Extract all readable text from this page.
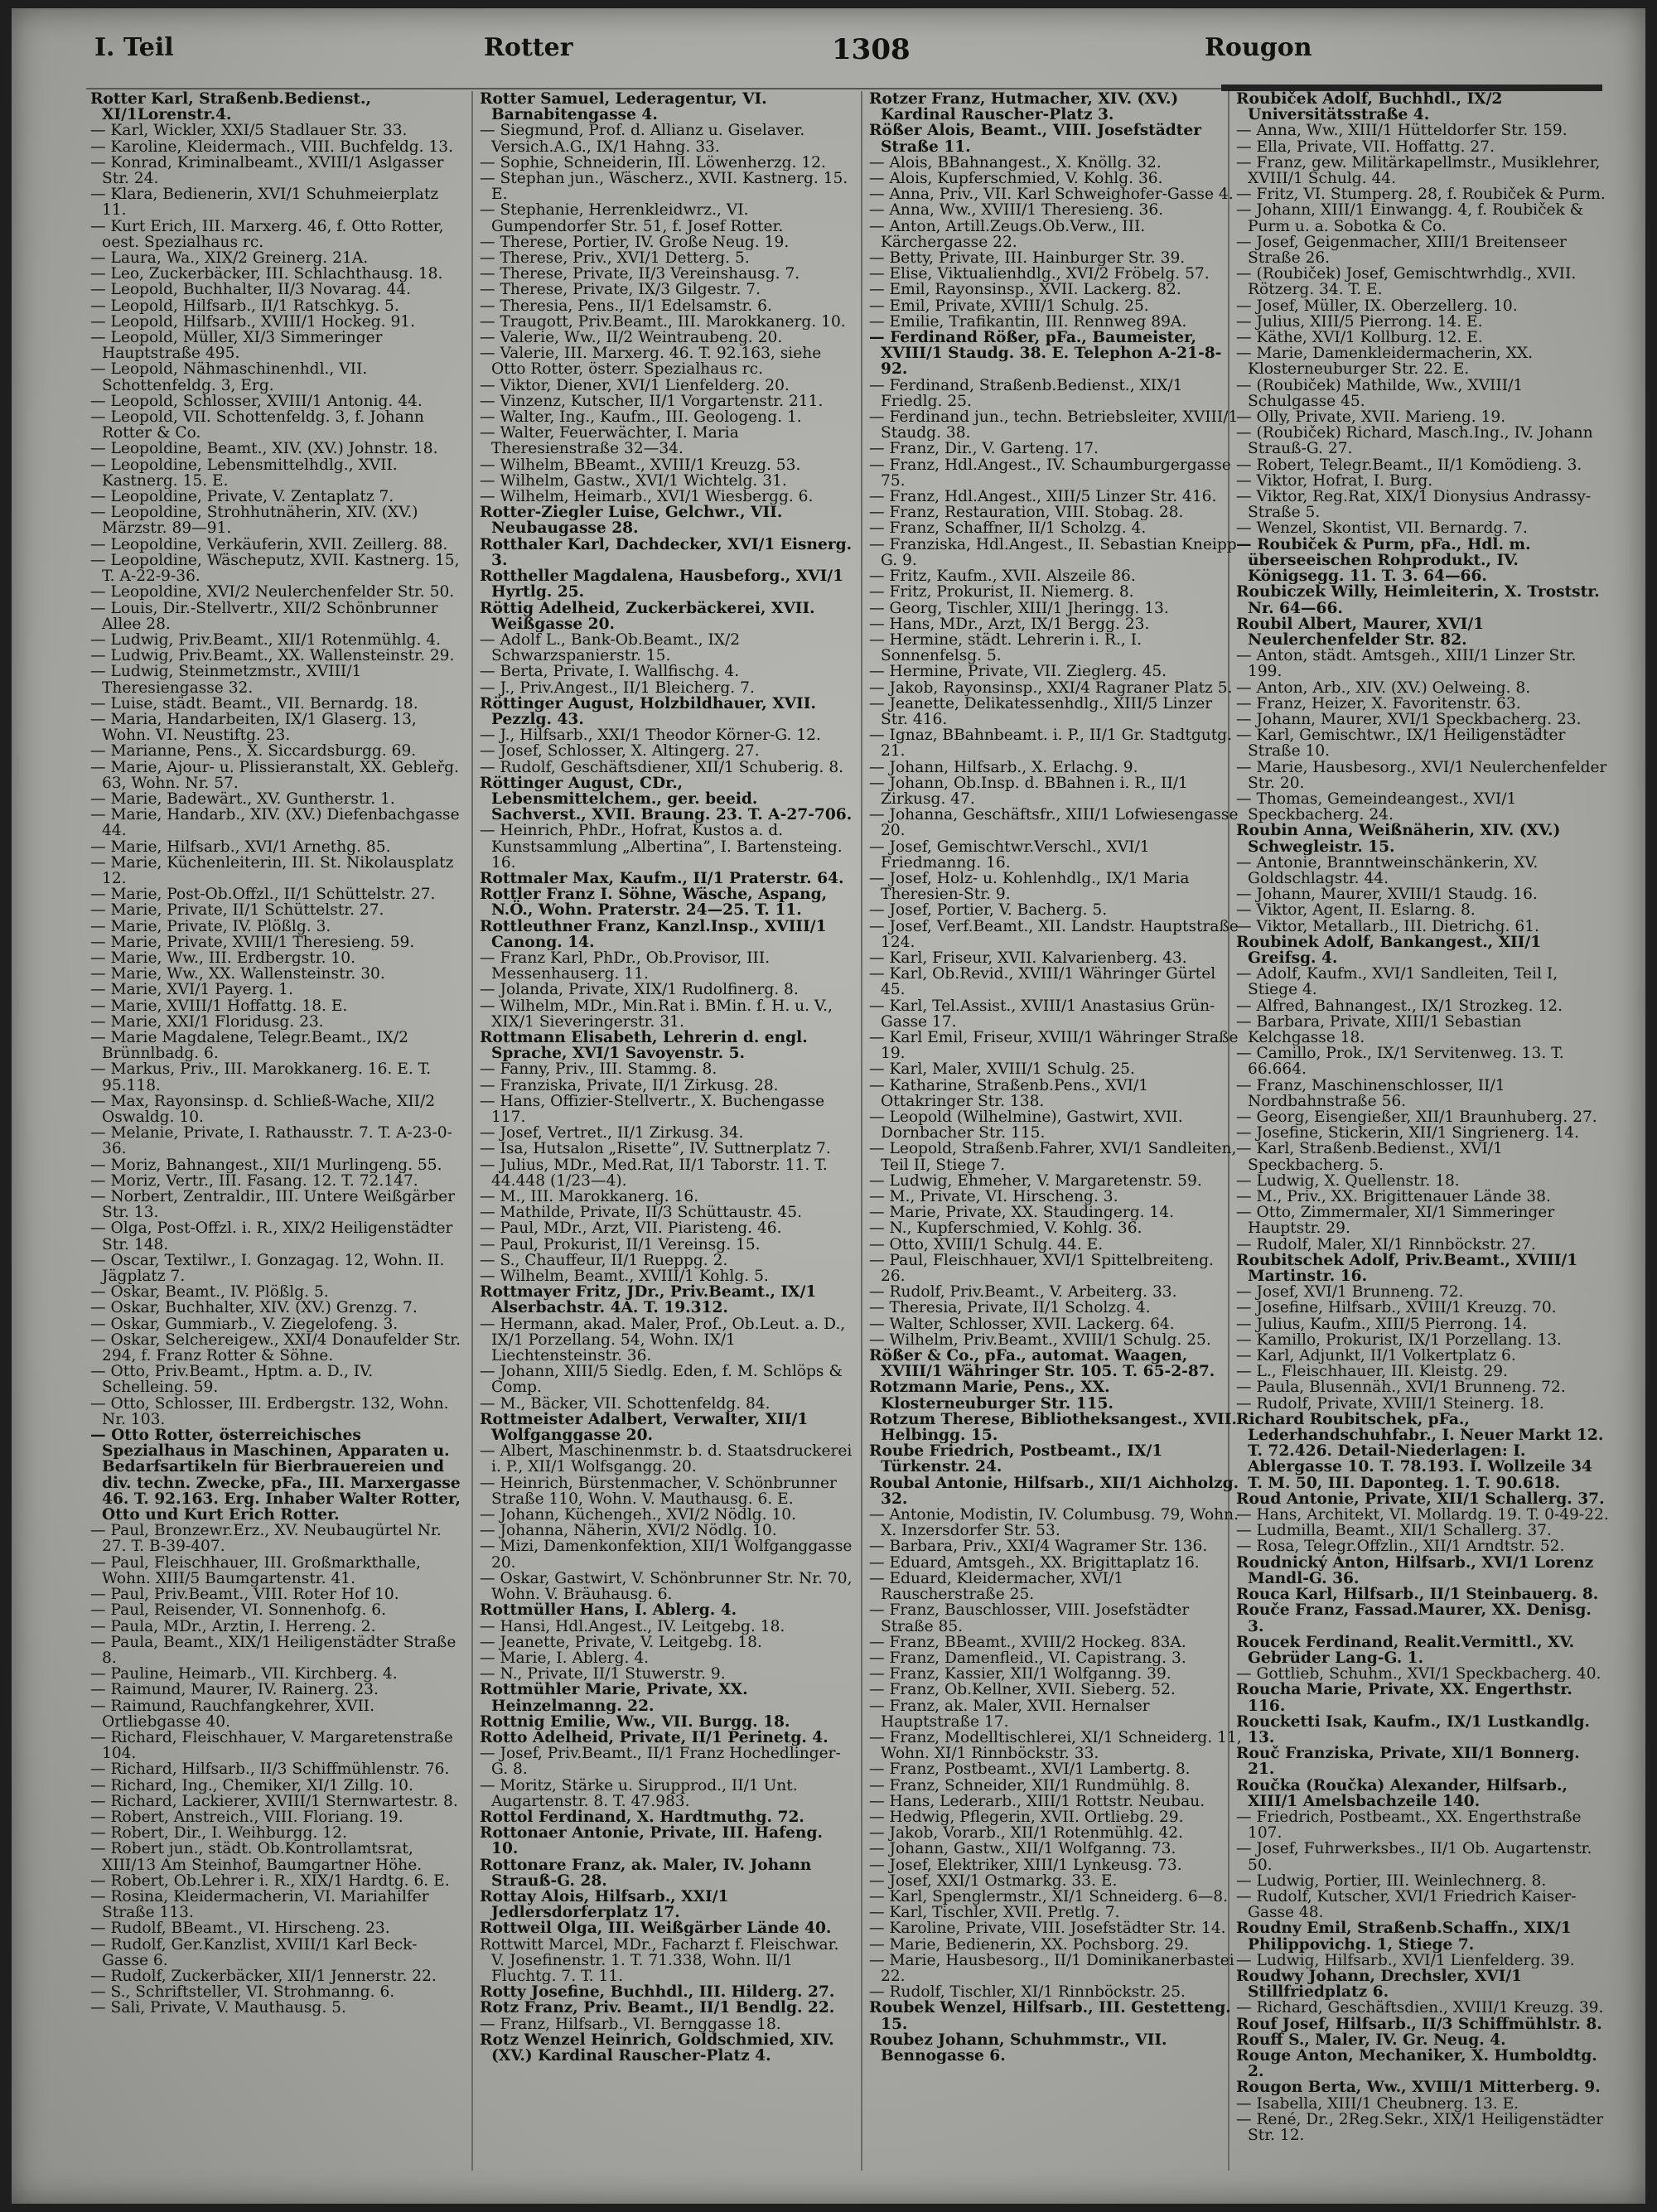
I. Teil	Rotter	1308	Rougon
Rotter Karl, Straßenb.Bedienst., XI/1Lorenstr.4.
— Karl, Wickler, XXI/5 Stadlauer Str. 33.
— Karoline, Kleidermach., VIII. Buchfeldg. 13.
— Konrad, Kriminalbeamt., XVIII/1 Aslgasser Str. 24.
— Klara, Bedienerin, XVI/1 Schuhmeierplatz 11.
— Kurt Erich, III. Marxerg. 46, f. Otto Rotter, oest. Spezialhaus rc.
— Laura, Wa., XIX/2 Greinerg. 21A.
— Leo, Zuckerbäcker, III. Schlachthausg. 18.
— Leopold, Buchhalter, II/3 Novarag. 44.
— Leopold, Hilfsarb., II/1 Ratschkyg. 5.
— Leopold, Hilfsarb., XVIII/1 Hockeg. 91.
— Leopold, Müller, XI/3 Simmeringer Hauptstraße 495.
— Leopold, Nähmaschinenhdl., VII. Schottenfeldg. 3, Erg.
— Leopold, Schlosser, XVIII/1 Antonig. 44.
— Leopold, VII. Schottenfeldg. 3, f. Johann Rotter & Co.
— Leopoldine, Beamt., XIV. (XV.) Johnstr. 18.
— Leopoldine, Lebensmittelhdlg., XVII. Kastnerg. 15. E.
— Leopoldine, Private, V. Zentaplatz 7.
— Leopoldine, Strohhutnäherin, XIV. (XV.) Märzstr. 89—91.
— Leopoldine, Verkäuferin, XVII. Zeillerg. 88.
— Leopoldine, Wäscheputz, XVII. Kastnerg. 15, T. A-22-9-36.
— Leopoldine, XVI/2 Neulerchenfelder Str. 50.
— Louis, Dir.-Stellvertr., XII/2 Schönbrunner Allee 28.
— Ludwig, Priv.Beamt., XII/1 Rotenmühlg. 4.
— Ludwig, Priv.Beamt., XX. Wallensteinstr. 29.
— Ludwig, Steinmetzmstr., XVIII/1 Theresiengasse 32.
— Luise, städt. Beamt., VII. Bernardg. 18.
— Maria, Handarbeiten, IX/1 Glaserg. 13, Wohn. VI. Neustiftg. 23.
— Marianne, Pens., X. Siccardsburgg. 69.
— Marie, Ajour- u. Plissieranstalt, XX. Gebleřg. 63, Wohn. Nr. 57.
— Marie, Badewärt., XV. Guntherstr. 1.
— Marie, Handarb., XIV. (XV.) Diefenbachgasse 44.
— Marie, Hilfsarb., XVI/1 Arnethg. 85.
— Marie, Küchenleiterin, III. St. Nikolausplatz 12.
— Marie, Post-Ob.Offzl., II/1 Schüttelstr. 27.
— Marie, Private, II/1 Schüttelstr. 27.
— Marie, Private, IV. Plößlg. 3.
— Marie, Private, XVIII/1 Theresieng. 59.
— Marie, Ww., III. Erdbergstr. 10.
— Marie, Ww., XX. Wallensteinstr. 30.
— Marie, XVI/1 Payerg. 1.
— Marie, XVIII/1 Hoffattg. 18. E.
— Marie, XXI/1 Floridusg. 23.
— Marie Magdalene, Telegr.Beamt., IX/2 Brünnlbadg. 6.
— Markus, Priv., III. Marokkanerg. 16. E. T. 95.118.
— Max, Rayonsinsp. d. Schließ-Wache, XII/2 Oswaldg. 10.
— Melanie, Private, I. Rathausstr. 7. T. A-23-0-36.
— Moriz, Bahnangest., XII/1 Murlingeng. 55.
— Moriz, Vertr., III. Fasang. 12. T. 72.147.
— Norbert, Zentraldir., III. Untere Weißgärber Str. 13.
— Olga, Post-Offzl. i. R., XIX/2 Heiligenstädter Str. 148.
— Oscar, Textilwr., I. Gonzagag. 12, Wohn. II. Jägplatz 7.
— Oskar, Beamt., IV. Plößlg. 5.
— Oskar, Buchhalter, XIV. (XV.) Grenzg. 7.
— Oskar, Gummiarb., V. Ziegelofeng. 3.
— Oskar, Selchereigew., XXI/4 Donaufelder Str. 294, f. Franz Rotter & Söhne.
— Otto, Priv.Beamt., Hptm. a. D., IV. Schelleing. 59.
— Otto, Schlosser, III. Erdbergstr. 132, Wohn. Nr. 103.
— Otto Rotter, österreichisches Spezialhaus in Maschinen, Apparaten u. Bedarfsartikeln für Bierbrauereien und div. techn. Zwecke, pFa., III. Marxergasse 46. T. 92.163. Erg. Inhaber Walter Rotter, Otto und Kurt Erich Rotter.
— Paul, Bronzewr.Erz., XV. Neubaugürtel Nr. 27. T. B-39-407.
— Paul, Fleischhauer, III. Großmarkthalle, Wohn. XIII/5 Baumgartenstr. 41.
— Paul, Priv.Beamt., VIII. Roter Hof 10.
— Paul, Reisender, VI. Sonnenhofg. 6.
— Paula, MDr., Ärztin, I. Herreng. 2.
— Paula, Beamt., XIX/1 Heiligenstädter Straße 8.
— Pauline, Heimarb., VII. Kirchberg. 4.
— Raimund, Maurer, IV. Rainerg. 23.
— Raimund, Rauchfangkehrer, XVII. Ortliebgasse 40.
— Richard, Fleischhauer, V. Margaretenstraße 104.
— Richard, Hilfsarb., II/3 Schiffmühlenstr. 76.
— Richard, Ing., Chemiker, XI/1 Zillg. 10.
— Richard, Lackierer, XVIII/1 Sternwartestr. 8.
— Robert, Anstreich., VIII. Floriang. 19.
— Robert, Dir., I. Weihburgg. 12.
— Robert jun., städt. Ob.Kontrollamtsrat, XIII/13 Am Steinhof, Baumgartner Höhe.
— Robert, Ob.Lehrer i. R., XIX/1 Hardtg. 6. E.
— Rosina, Kleidermacherin, VI. Mariahilfer Straße 113.
— Rudolf, BBeamt., VI. Hirscheng. 23.
— Rudolf, Ger.Kanzlist, XVIII/1 Karl Beck-Gasse 6.
— Rudolf, Zuckerbäcker, XII/1 Jennerstr. 22.
— S., Schriftsteller, VI. Strohmanng. 6.
— Sali, Private, V. Mauthausg. 5.
Rotter Samuel, Lederagentur, VI. Barnabitengasse 4.
— Siegmund, Prof. d. Allianz u. Giselaver. Versich.A.G., IX/1 Hahng. 33.
— Sophie, Schneiderin, III. Löwenherzg. 12.
— Stephan jun., Wäscherz., XVII. Kastnerg. 15. E.
— Stephanie, Herrenkleidwrz., VI. Gumpendorfer Str. 51, f. Josef Rotter.
— Therese, Portier, IV. Große Neug. 19.
— Therese, Priv., XVI/1 Detterg. 5.
— Therese, Private, II/3 Vereinshausg. 7.
— Therese, Private, IX/3 Gilgestr. 7.
— Theresia, Pens., II/1 Edelsamstr. 6.
— Traugott, Priv.Beamt., III. Marokkanerg. 10.
— Valerie, Ww., II/2 Weintraubeng. 20.
— Valerie, III. Marxerg. 46. T. 92.163, siehe Otto Rotter, österr. Spezialhaus rc.
— Viktor, Diener, XVI/1 Lienfelderg. 20.
— Vinzenz, Kutscher, II/1 Vorgartenstr. 211.
— Walter, Ing., Kaufm., III. Geologeng. 1.
— Walter, Feuerwächter, I. Maria Theresienstraße 32—34.
— Wilhelm, BBeamt., XVIII/1 Kreuzg. 53.
— Wilhelm, Gastw., XVI/1 Wichtelg. 31.
— Wilhelm, Heimarb., XVI/1 Wiesbergg. 6.
Rotter-Ziegler Luise, Gelchwr., VII. Neubaugasse 28.
Rotthaler Karl, Dachdecker, XVI/1 Eisnerg. 3.
Rottheller Magdalena, Hausbeforg., XVI/1 Hyrtlg. 25.
Röttig Adelheid, Zuckerbäckerei, XVII. Weißgasse 20.
— Adolf L., Bank-Ob.Beamt., IX/2 Schwarzspanierstr. 15.
— Berta, Private, I. Wallfischg. 4.
— J., Priv.Angest., II/1 Bleicherg. 7.
Röttinger August, Holzbildhauer, XVII. Pezzlg. 43.
— J., Hilfsarb., XXI/1 Theodor Körner-G. 12.
— Josef, Schlosser, X. Altingerg. 27.
— Rudolf, Geschäftsdiener, XII/1 Schuberig. 8.
Röttinger August, CDr., Lebensmittelchem., ger. beeid. Sachverst., XVII. Braung. 23. T. A-27-706.
— Heinrich, PhDr., Hofrat, Kustos a. d. Kunstsammlung „Albertina”, I. Bartensteing. 16.
Rottmaler Max, Kaufm., II/1 Praterstr. 64.
Rottler Franz I. Söhne, Wäsche, Aspang, N.Ö., Wohn. Praterstr. 24—25. T. 11.
Rottleuthner Franz, Kanzl.Insp., XVIII/1 Canong. 14.
— Franz Karl, PhDr., Ob.Provisor, III. Messenhauserg. 11.
— Jolanda, Private, XIX/1 Rudolfinerg. 8.
— Wilhelm, MDr., Min.Rat i. BMin. f. H. u. V., XIX/1 Sieveringerstr. 31.
Rottmann Elisabeth, Lehrerin d. engl. Sprache, XVI/1 Savoyenstr. 5.
— Fanny, Priv., III. Stammg. 8.
— Franziska, Private, II/1 Zirkusg. 28.
— Hans, Offizier-Stellvertr., X. Buchengasse 117.
— Josef, Vertret., II/1 Zirkusg. 34.
— Isa, Hutsalon „Risette”, IV. Suttnerplatz 7.
— Julius, MDr., Med.Rat, II/1 Taborstr. 11. T. 44.448 (1/23—4).
— M., III. Marokkanerg. 16.
— Mathilde, Private, II/3 Schüttaustr. 45.
— Paul, MDr., Arzt, VII. Piaristeng. 46.
— Paul, Prokurist, II/1 Vereinsg. 15.
— S., Chauffeur, II/1 Rueppg. 2.
— Wilhelm, Beamt., XVIII/1 Kohlg. 5.
Rottmayer Fritz, JDr., Priv.Beamt., IX/1 Alserbachstr. 4A. T. 19.312.
— Hermann, akad. Maler, Prof., Ob.Leut. a. D., IX/1 Porzellang. 54, Wohn. IX/1 Liechtensteinstr. 36.
— Johann, XIII/5 Siedlg. Eden, f. M. Schlöps & Comp.
— M., Bäcker, VII. Schottenfeldg. 84.
Rottmeister Adalbert, Verwalter, XII/1 Wolfganggasse 20.
— Albert, Maschinenmstr. b. d. Staatsdruckerei i. P., XII/1 Wolfsgangg. 20.
— Heinrich, Bürstenmacher, V. Schönbrunner Straße 110, Wohn. V. Mauthausg. 6. E.
— Johann, Küchengeh., XVI/2 Nödlg. 10.
— Johanna, Näherin, XVI/2 Nödlg. 10.
— Mizi, Damenkonfektion, XII/1 Wolfganggasse 20.
— Oskar, Gastwirt, V. Schönbrunner Str. Nr. 70, Wohn. V. Bräuhausg. 6.
Rottmüller Hans, I. Ablerg. 4.
— Hansi, Hdl.Angest., IV. Leitgebg. 18.
— Jeanette, Private, V. Leitgebg. 18.
— Marie, I. Ablerg. 4.
— N., Private, II/1 Stuwerstr. 9.
Rottmühler Marie, Private, XX. Heinzelmanng. 22.
Rottnig Emilie, Ww., VII. Burgg. 18.
Rotto Adelheid, Private, II/1 Perinetg. 4.
— Josef, Priv.Beamt., II/1 Franz Hochedlinger-G. 8.
— Moritz, Stärke u. Sirupprod., II/1 Unt. Augartenstr. 8. T. 47.983.
Rottol Ferdinand, X. Hardtmuthg. 72.
Rottonaer Antonie, Private, III. Hafeng. 10.
Rottonare Franz, ak. Maler, IV. Johann Strauß-G. 28.
Rottay Alois, Hilfsarb., XXI/1 Jedlersdorferplatz 17.
Rottweil Olga, III. Weißgärber Lände 40.
Rottwitt Marcel, MDr., Facharzt f. Fleischwar. V. Josefinenstr. 1. T. 71.338, Wohn. II/1 Fluchtg. 7. T. 11.
Rotty Josefine, Buchhdl., III. Hilderg. 27.
Rotz Franz, Priv. Beamt., II/1 Bendlg. 22.
— Franz, Hilfsarb., VI. Bernggasse 18.
Rotz Wenzel Heinrich, Goldschmied, XIV. (XV.) Kardinal Rauscher-Platz 4.
Rotzer Franz, Hutmacher, XIV. (XV.) Kardinal Rauscher-Platz 3.
Rößer Alois, Beamt., VIII. Josefstädter Straße 11.
— Alois, BBahnangest., X. Knöllg. 32.
— Alois, Kupferschmied, V. Kohlg. 36.
— Anna, Priv., VII. Karl Schweighofer-Gasse 4.
— Anna, Ww., XVIII/1 Theresieng. 36.
— Anton, Artill.Zeugs.Ob.Verw., III. Kärchergasse 22.
— Betty, Private, III. Hainburger Str. 39.
— Elise, Viktualienhdlg., XVI/2 Fröbelg. 57.
— Emil, Rayonsinsp., XVII. Lackerg. 82.
— Emil, Private, XVIII/1 Schulg. 25.
— Emilie, Trafikantin, III. Rennweg 89A.
— Ferdinand Rößer, pFa., Baumeister, XVIII/1 Staudg. 38. E. Telephon A-21-8-92.
— Ferdinand, Straßenb.Bedienst., XIX/1 Friedlg. 25.
— Ferdinand jun., techn. Betriebsleiter, XVIII/1 Staudg. 38.
— Franz, Dir., V. Garteng. 17.
— Franz, Hdl.Angest., IV. Schaumburgergasse 75.
— Franz, Hdl.Angest., XIII/5 Linzer Str. 416.
— Franz, Restauration, VIII. Stobag. 28.
— Franz, Schaffner, II/1 Scholzg. 4.
— Franziska, Hdl.Angest., II. Sebastian Kneipp-G. 9.
— Fritz, Kaufm., XVII. Alszeile 86.
— Fritz, Prokurist, II. Niemerg. 8.
— Georg, Tischler, XIII/1 Jheringg. 13.
— Hans, MDr., Arzt, IX/1 Bergg. 23.
— Hermine, städt. Lehrerin i. R., I. Sonnenfelsg. 5.
— Hermine, Private, VII. Zieglerg. 45.
— Jakob, Rayonsinsp., XXI/4 Ragraner Platz 5.
— Jeanette, Delikatessenhdlg., XIII/5 Linzer Str. 416.
— Ignaz, BBahnbeamt. i. P., II/1 Gr. Stadtgutg. 21.
— Johann, Hilfsarb., X. Erlachg. 9.
— Johann, Ob.Insp. d. BBahnen i. R., II/1 Zirkusg. 47.
— Johanna, Geschäftsfr., XIII/1 Lofwiesengasse 20.
— Josef, Gemischtwr.Verschl., XVI/1 Friedmanng. 16.
— Josef, Holz- u. Kohlenhdlg., IX/1 Maria Theresien-Str. 9.
— Josef, Portier, V. Bacherg. 5.
— Josef, Verf.Beamt., XII. Landstr. Hauptstraße 124.
— Karl, Friseur, XVII. Kalvarienberg. 43.
— Karl, Ob.Revid., XVIII/1 Währinger Gürtel 45.
— Karl, Tel.Assist., XVIII/1 Anastasius Grün-Gasse 17.
— Karl Emil, Friseur, XVIII/1 Währinger Straße 19.
— Karl, Maler, XVIII/1 Schulg. 25.
— Katharine, Straßenb.Pens., XVI/1 Ottakringer Str. 138.
— Leopold (Wilhelmine), Gastwirt, XVII. Dornbacher Str. 115.
— Leopold, Straßenb.Fahrer, XVI/1 Sandleiten, Teil II, Stiege 7.
— Ludwig, Ehmeher, V. Margaretenstr. 59.
— M., Private, VI. Hirscheng. 3.
— Marie, Private, XX. Staudingerg. 14.
— N., Kupferschmied, V. Kohlg. 36.
— Otto, XVIII/1 Schulg. 44. E.
— Paul, Fleischhauer, XVI/1 Spittelbreiteng. 26.
— Rudolf, Priv.Beamt., V. Arbeiterg. 33.
— Theresia, Private, II/1 Scholzg. 4.
— Walter, Schlosser, XVII. Lackerg. 64.
— Wilhelm, Priv.Beamt., XVIII/1 Schulg. 25.
Rößer & Co., pFa., automat. Waagen, XVIII/1 Währinger Str. 105. T. 65-2-87.
Rotzmann Marie, Pens., XX. Klosterneuburger Str. 115.
Rotzum Therese, Bibliotheksangest., XVII. Helbingg. 15.
Roube Friedrich, Postbeamt., IX/1 Türkenstr. 24.
Roubal Antonie, Hilfsarb., XII/1 Aichholzg. 32.
— Antonie, Modistin, IV. Columbusg. 79, Wohn. X. Inzersdorfer Str. 53.
— Barbara, Priv., XXI/4 Wagramer Str. 136.
— Eduard, Amtsgeh., XX. Brigittaplatz 16.
— Eduard, Kleidermacher, XVI/1 Rauscherstraße 25.
— Franz, Bauschlosser, VIII. Josefstädter Straße 85.
— Franz, BBeamt., XVIII/2 Hockeg. 83A.
— Franz, Damenfleid., VI. Capistrang. 3.
— Franz, Kassier, XII/1 Wolfganng. 39.
— Franz, Ob.Kellner, XVII. Sieberg. 52.
— Franz, ak. Maler, XVII. Hernalser Hauptstraße 17.
— Franz, Modelltischlerei, XI/1 Schneiderg. 11, Wohn. XI/1 Rinnböckstr. 33.
— Franz, Postbeamt., XVI/1 Lambertg. 8.
— Franz, Schneider, XII/1 Rundmühlg. 8.
— Hans, Lederarb., XIII/1 Rottstr. Neubau.
— Hedwig, Pflegerin, XVII. Ortliebg. 29.
— Jakob, Vorarb., XII/1 Rotenmühlg. 42.
— Johann, Gastw., XII/1 Wolfganng. 73.
— Josef, Elektriker, XIII/1 Lynkeusg. 73.
— Josef, XXI/1 Ostmarkg. 33. E.
— Karl, Spenglermstr., XI/1 Schneiderg. 6—8.
— Karl, Tischler, XVII. Pretlg. 7.
— Karoline, Private, VIII. Josefstädter Str. 14.
— Marie, Bedienerin, XX. Pochsborg. 29.
— Marie, Hausbesorg., II/1 Dominikanerbastei 22.
— Rudolf, Tischler, XI/1 Rinnböckstr. 25.
Roubek Wenzel, Hilfsarb., III. Gestetteng. 15.
Roubez Johann, Schuhmmstr., VII. Bennogasse 6.
Roubiček Adolf, Buchhdl., IX/2 Universitätsstraße 4.
— Anna, Ww., XIII/1 Hütteldorfer Str. 159.
— Ella, Private, VII. Hoffattg. 27.
— Franz, gew. Militärkapellmstr., Musiklehrer, XVIII/1 Schulg. 44.
— Fritz, VI. Stumperg. 28, f. Roubiček & Purm.
— Johann, XIII/1 Einwangg. 4, f. Roubiček & Purm u. a. Sobotka & Co.
— Josef, Geigenmacher, XIII/1 Breitenseer Straße 26.
— (Roubiček) Josef, Gemischtwrhdlg., XVII. Rötzerg. 34. T. E.
— Josef, Müller, IX. Oberzellerg. 10.
— Julius, XIII/5 Pierrong. 14. E.
— Käthe, XVI/1 Kollburg. 12. E.
— Marie, Damenkleidermacherin, XX. Klosterneuburger Str. 22. E.
— (Roubiček) Mathilde, Ww., XVIII/1 Schulgasse 45.
— Olly, Private, XVII. Marieng. 19.
— (Roubiček) Richard, Masch.Ing., IV. Johann Strauß-G. 27.
— Robert, Telegr.Beamt., II/1 Komödieng. 3.
— Viktor, Hofrat, I. Burg.
— Viktor, Reg.Rat, XIX/1 Dionysius Andrassy-Straße 5.
— Wenzel, Skontist, VII. Bernardg. 7.
— Roubiček & Purm, pFa., Hdl. m. überseeischen Rohprodukt., IV. Königsegg. 11. T. 3. 64—66.
Roubiczek Willy, Heimleiterin, X. Troststr. Nr. 64—66.
Roubil Albert, Maurer, XVI/1 Neulerchenfelder Str. 82.
— Anton, städt. Amtsgeh., XIII/1 Linzer Str. 199.
— Anton, Arb., XIV. (XV.) Oelweing. 8.
— Franz, Heizer, X. Favoritenstr. 63.
— Johann, Maurer, XVI/1 Speckbacherg. 23.
— Karl, Gemischtwr., IX/1 Heiligenstädter Straße 10.
— Marie, Hausbesorg., XVI/1 Neulerchenfelder Str. 20.
— Thomas, Gemeindeangest., XVI/1 Speckbacherg. 24.
Roubin Anna, Weißnäherin, XIV. (XV.) Schwegleistr. 15.
— Antonie, Branntweinschänkerin, XV. Goldschlagstr. 44.
— Johann, Maurer, XVIII/1 Staudg. 16.
— Viktor, Agent, II. Eslarng. 8.
— Viktor, Metallarb., III. Dietrichg. 61.
Roubinek Adolf, Bankangest., XII/1 Greifsg. 4.
— Adolf, Kaufm., XVI/1 Sandleiten, Teil I, Stiege 4.
— Alfred, Bahnangest., IX/1 Strozkeg. 12.
— Barbara, Private, XIII/1 Sebastian Kelchgasse 18.
— Camillo, Prok., IX/1 Servitenweg. 13. T. 66.664.
— Franz, Maschinenschlosser, II/1 Nordbahnstraße 56.
— Georg, Eisengießer, XII/1 Braunhuberg. 27.
— Josefine, Stickerin, XII/1 Singrienerg. 14.
— Karl, Straßenb.Bedienst., XVI/1 Speckbacherg. 5.
— Ludwig, X. Quellenstr. 18.
— M., Priv., XX. Brigittenauer Lände 38.
— Otto, Zimmermaler, XI/1 Simmeringer Hauptstr. 29.
— Rudolf, Maler, XI/1 Rinnböckstr. 27.
Roubitschek Adolf, Priv.Beamt., XVIII/1 Martinstr. 16.
— Josef, XVI/1 Brunneng. 72.
— Josefine, Hilfsarb., XVIII/1 Kreuzg. 70.
— Julius, Kaufm., XIII/5 Pierrong. 14.
— Kamillo, Prokurist, IX/1 Porzellang. 13.
— Karl, Adjunkt, II/1 Volkertplatz 6.
— L., Fleischhauer, III. Kleistg. 29.
— Paula, Blusennäh., XVI/1 Brunneng. 72.
— Rudolf, Private, XVIII/1 Steinerg. 18.
Richard Roubitschek, pFa., Lederhandschuhfabr., I. Neuer Markt 12. T. 72.426. Detail-Niederlagen: I. Ablergasse 10. T. 78.193. I. Wollzeile 34 T. M. 50, III. Daponteg. 1. T. 90.618.
Roud Antonie, Private, XII/1 Schallerg. 37.
— Hans, Architekt, VI. Mollardg. 19. T. 0-49-22.
— Ludmilla, Beamt., XII/1 Schallerg. 37.
— Rosa, Telegr.Offzlin., XII/1 Arndtstr. 52.
Roudnický Anton, Hilfsarb., XVI/1 Lorenz Mandl-G. 36.
Rouca Karl, Hilfsarb., II/1 Steinbauerg. 8.
Rouče Franz, Fassad.Maurer, XX. Denisg. 3.
Roucek Ferdinand, Realit.Vermittl., XV. Gebrüder Lang-G. 1.
— Gottlieb, Schuhm., XVI/1 Speckbacherg. 40.
Roucha Marie, Private, XX. Engerthstr. 116.
Roucketti Isak, Kaufm., IX/1 Lustkandlg. 13.
Rouč Franziska, Private, XII/1 Bonnerg. 21.
Roučka (Roučka) Alexander, Hilfsarb., XIII/1 Amelsbachzeile 140.
— Friedrich, Postbeamt., XX. Engerthstraße 107.
— Josef, Fuhrwerksbes., II/1 Ob. Augartenstr. 50.
— Ludwig, Portier, III. Weinlechnerg. 8.
— Rudolf, Kutscher, XVI/1 Friedrich Kaiser-Gasse 48.
Roudny Emil, Straßenb.Schaffn., XIX/1 Philippovichg. 1, Stiege 7.
— Ludwig, Hilfsarb., XVI/1 Lienfelderg. 39.
Roudwy Johann, Drechsler, XVI/1 Stillfriedplatz 6.
— Richard, Geschäftsdien., XVIII/1 Kreuzg. 39.
Rouf Josef, Hilfsarb., II/3 Schiffmühlstr. 8.
Rouff S., Maler, IV. Gr. Neug. 4.
Rouge Anton, Mechaniker, X. Humboldtg. 2.
Rougon Berta, Ww., XVIII/1 Mitterberg. 9.
— Isabella, XIII/1 Cheubnerg. 13. E.
— René, Dr., 2Reg.Sekr., XIX/1 Heiligenstädter Str. 12.
